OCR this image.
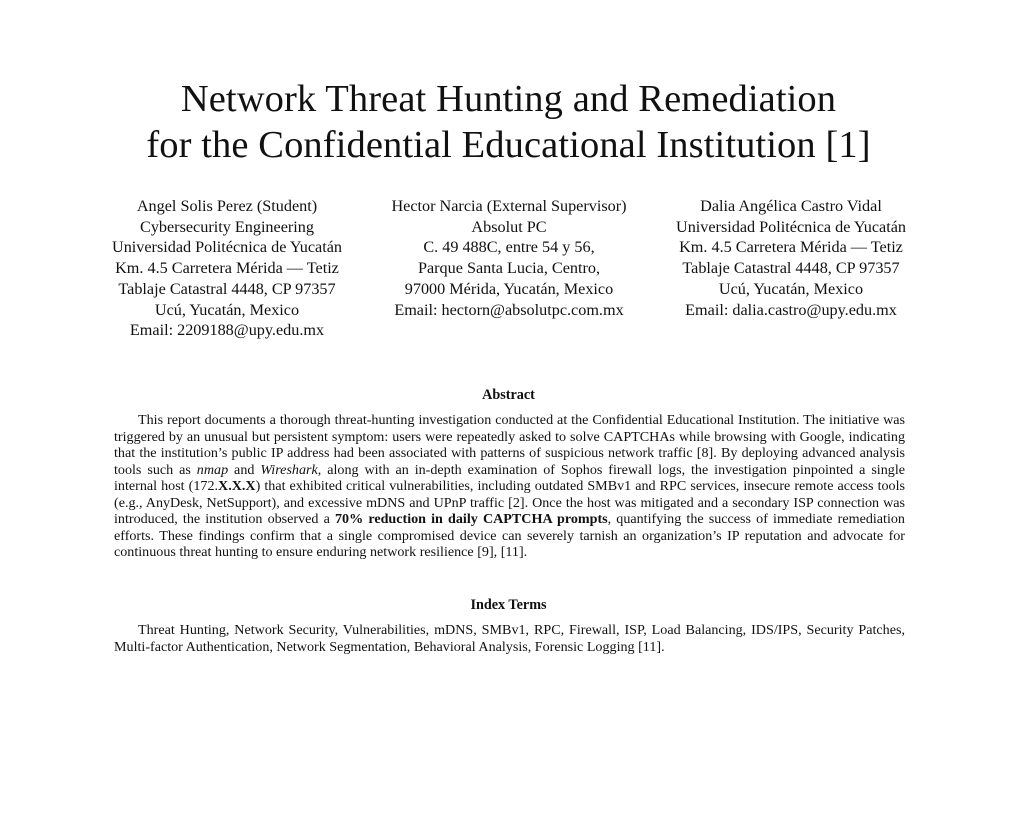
Network Threat Hunting and Remediation
for the Confidential Educational Institution [1]
Angel Solis Perez (Student)
Cybersecurity Engineering
Universidad Politécnica de Yucatán
Km. 4.5 Carretera Mérida — Tetiz
Tablaje Catastral 4448, CP 97357
Ucú, Yucatán, Mexico
Email: 2209188@upy.edu.mx
Hector Narcia (External Supervisor)
Absolut PC
C. 49 488C, entre 54 y 56,
Parque Santa Lucia, Centro,
97000 Mérida, Yucatán, Mexico
Email: hectorn@absolutpc.com.mx
Dalia Angélica Castro Vidal
Universidad Politécnica de Yucatán
Km. 4.5 Carretera Mérida — Tetiz
Tablaje Catastral 4448, CP 97357
Ucú, Yucatán, Mexico
Email: dalia.castro@upy.edu.mx
Abstract

This report documents a thorough threat-hunting investigation conducted at the Confidential Educational Institution. The initiative was triggered by an unusual but persistent symptom: users were repeatedly asked to solve CAPTCHAs while browsing with Google, indicating that the institution’s public IP address had been associated with patterns of suspicious network traffic [8]. By deploying advanced analysis tools such as nmap and Wireshark, along with an in-depth examination of Sophos firewall logs, the investigation pinpointed a single internal host (172.X.X.X) that exhibited critical vulnerabilities, including outdated SMBv1 and RPC services, insecure remote access tools (e.g., AnyDesk, NetSupport), and excessive mDNS and UPnP traffic [2]. Once the host was mitigated and a secondary ISP connection was introduced, the institution observed a 70% reduction in daily CAPTCHA prompts, quantifying the success of immediate remediation efforts. These findings confirm that a single compromised device can severely tarnish an organization’s IP reputation and advocate for continuous threat hunting to ensure enduring network resilience [9], [11].

Index Terms

Threat Hunting, Network Security, Vulnerabilities, mDNS, SMBv1, RPC, Firewall, ISP, Load Balancing, IDS/IPS, Security Patches, Multi-factor Authentication, Network Segmentation, Behavioral Analysis, Forensic Logging [11].
